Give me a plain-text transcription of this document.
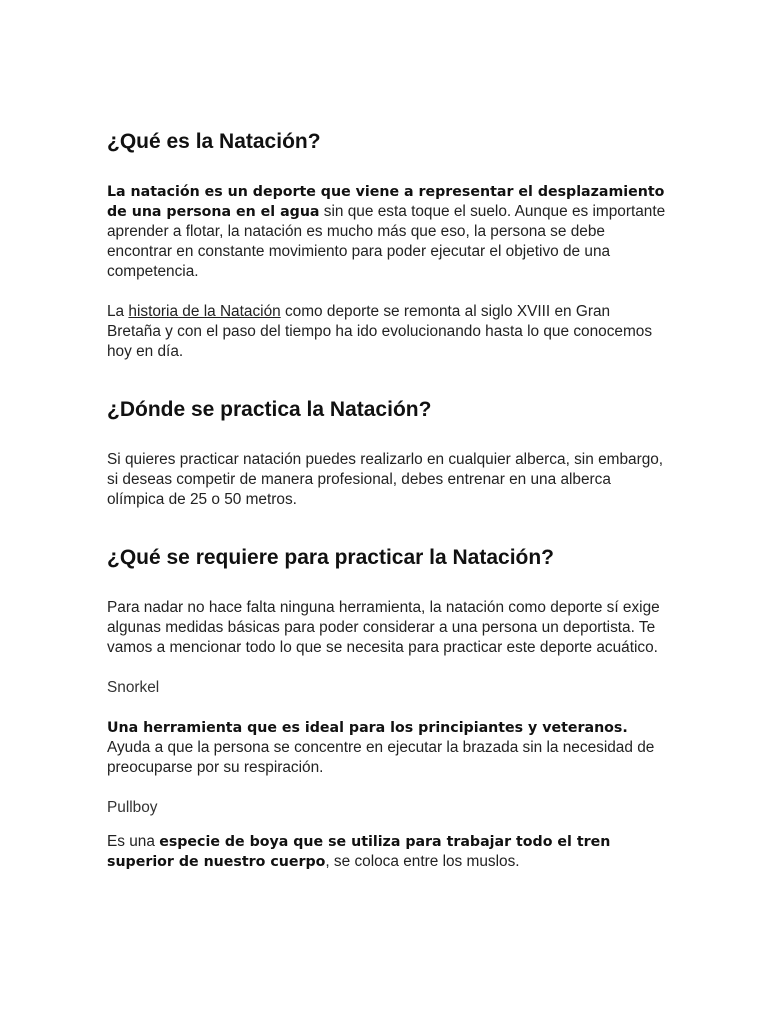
¿Qué es la Natación?

La natación es un deporte que viene a representar el desplazamiento de una persona en el agua sin que esta toque el suelo. Aunque es importante aprender a flotar, la natación es mucho más que eso, la persona se debe encontrar en constante movimiento para poder ejecutar el objetivo de una competencia.

La historia de la Natación como deporte se remonta al siglo XVIII en Gran Bretaña y con el paso del tiempo ha ido evolucionando hasta lo que conocemos hoy en día.

¿Dónde se practica la Natación?

Si quieres practicar natación puedes realizarlo en cualquier alberca, sin embargo, si deseas competir de manera profesional, debes entrenar en una alberca olímpica de 25 o 50 metros.

¿Qué se requiere para practicar la Natación?

Para nadar no hace falta ninguna herramienta, la natación como deporte sí exige algunas medidas básicas para poder considerar a una persona un deportista. Te vamos a mencionar todo lo que se necesita para practicar este deporte acuático.

Snorkel

Una herramienta que es ideal para los principiantes y veteranos. Ayuda a que la persona se concentre en ejecutar la brazada sin la necesidad de preocuparse por su respiración.

Pullboy

Es una especie de boya que se utiliza para trabajar todo el tren superior de nuestro cuerpo, se coloca entre los muslos.
